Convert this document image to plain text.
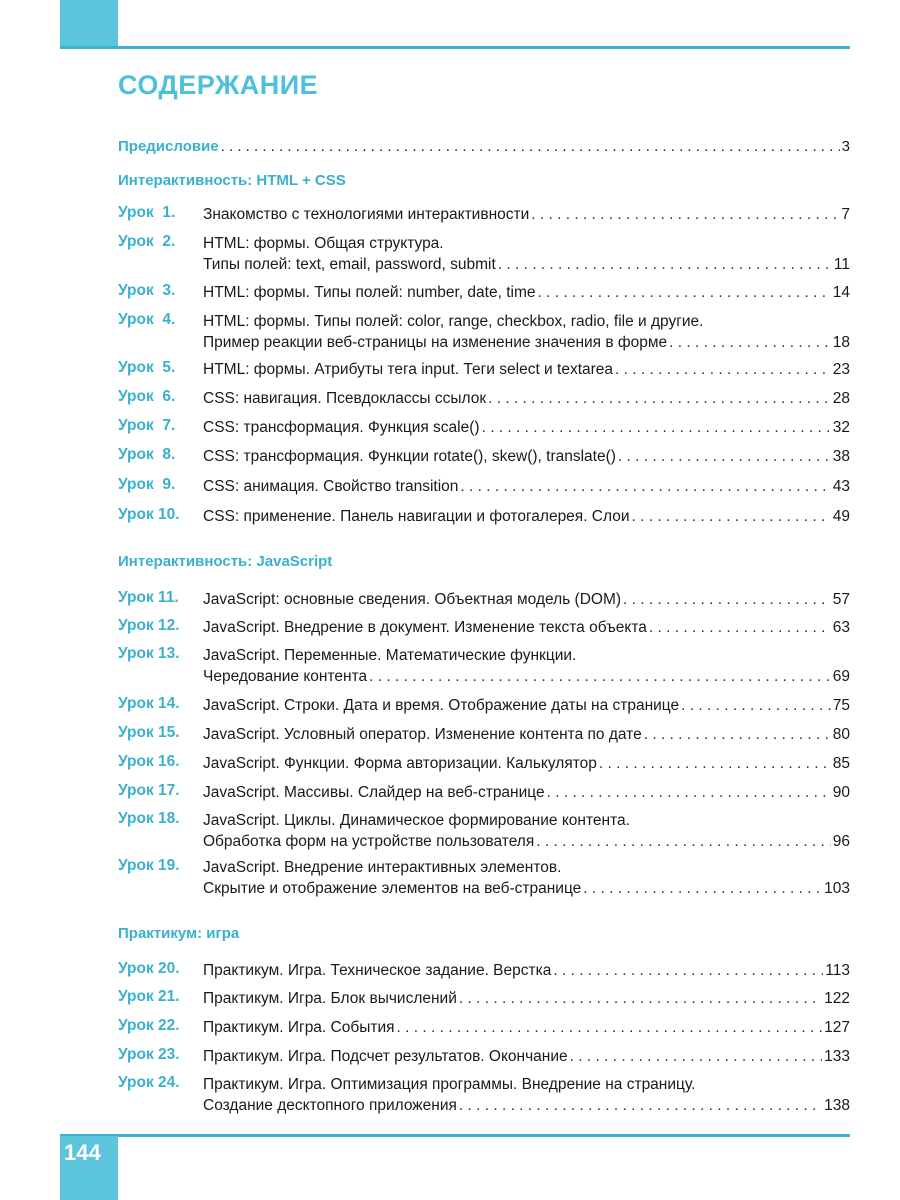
СОДЕРЖАНИЕ
Предисловие . . .	3
Интерактивность: HTML + CSS
Урок  1. Знакомство с технологиями интерактивности . . .	7
Урок  2. HTML: формы. Общая структура.
Типы полей: text, email, password, submit . . .	11
Урок  3. HTML: формы. Типы полей: number, date, time . . .	14
Урок  4. HTML: формы. Типы полей: color, range, checkbox, radio, file и другие.
Пример реакции веб-страницы на изменение значения в форме . . .	18
Урок  5. HTML: формы. Атрибуты тега input. Теги select и textarea . . .	23
Урок  6. CSS: навигация. Псевдоклассы ссылок . . .	28
Урок  7. CSS: трансформация. Функция scale() . . .	32
Урок  8. CSS: трансформация. Функции rotate(), skew(), translate() . . .	38
Урок  9. CSS: анимация. Свойство transition . . .	43
Урок 10. CSS: применение. Панель навигации и фотогалерея. Слои . . .	49
Интерактивность: JavaScript
Урок 11. JavaScript: основные сведения. Объектная модель (DOM) . . .	57
Урок 12. JavaScript. Внедрение в документ. Изменение текста объекта . . .	63
Урок 13. JavaScript. Переменные. Математические функции.
Чередование контента . . .	69
Урок 14. JavaScript. Строки. Дата и время. Отображение даты на странице . . .	75
Урок 15. JavaScript. Условный оператор. Изменение контента по дате . . .	80
Урок 16. JavaScript. Функции. Форма авторизации. Калькулятор . . .	85
Урок 17. JavaScript. Массивы. Слайдер на веб-странице . . .	90
Урок 18. JavaScript. Циклы. Динамическое формирование контента.
Обработка форм на устройстве пользователя . . .	96
Урок 19. JavaScript. Внедрение интерактивных элементов.
Скрытие и отображение элементов на веб-странице . . .	103
Практикум: игра
Урок 20. Практикум. Игра. Техническое задание. Верстка . . .	113
Урок 21. Практикум. Игра. Блок вычислений . . .	122
Урок 22. Практикум. Игра. События . . .	127
Урок 23. Практикум. Игра. Подсчет результатов. Окончание . . .	133
Урок 24. Практикум. Игра. Оптимизация программы. Внедрение на страницу.
Создание десктопного приложения . . .	138
144
